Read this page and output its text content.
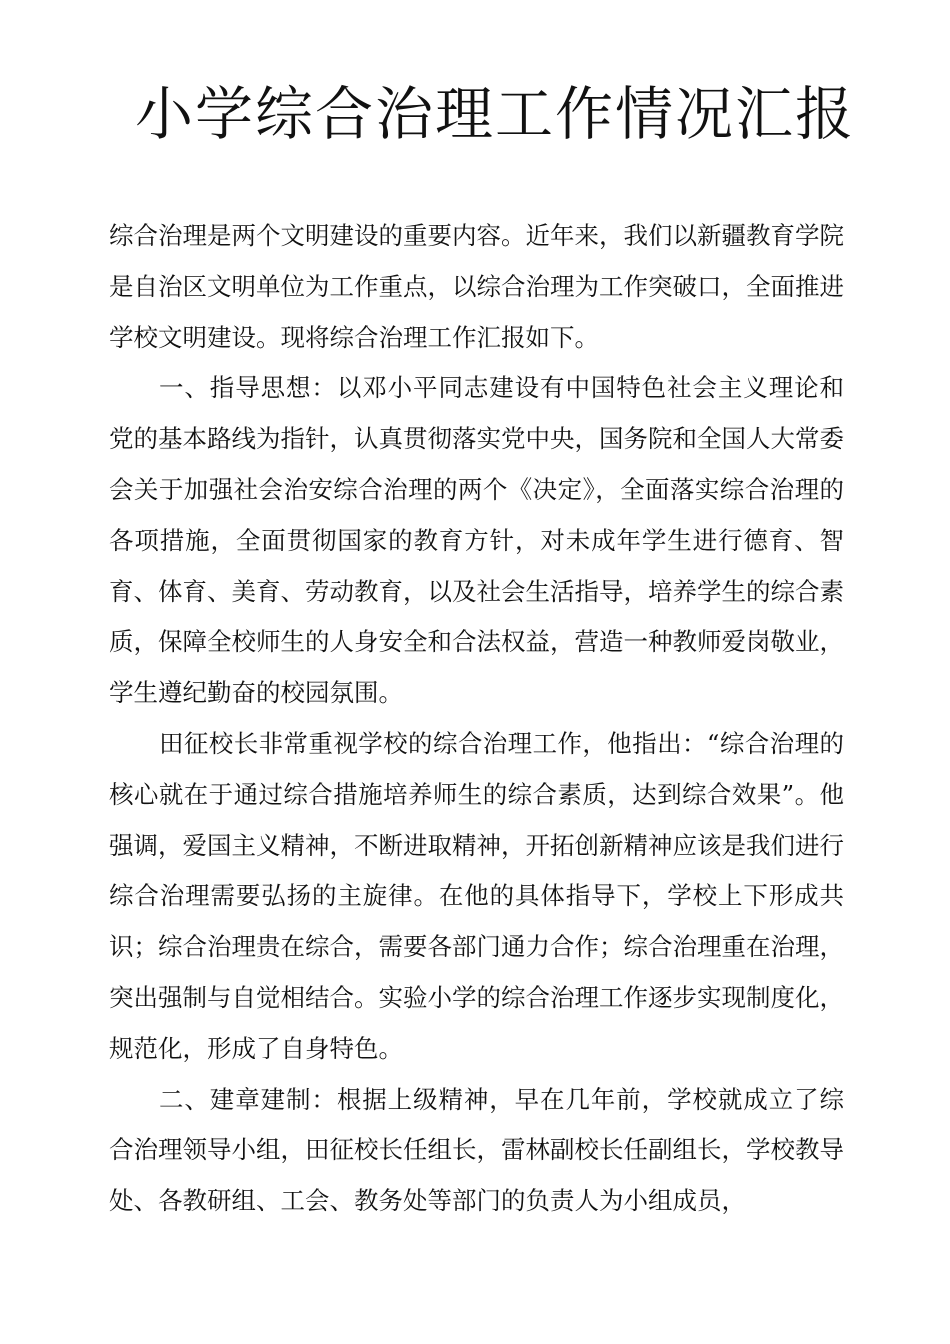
小学综合治理工作情况汇报

综合治理是两个文明建设的重要内容。近年来，我们以新疆教育学院是自治区文明单位为工作重点，以综合治理为工作突破口，全面推进学校文明建设。现将综合治理工作汇报如下。

一、指导思想：以邓小平同志建设有中国特色社会主义理论和党的基本路线为指针，认真贯彻落实党中央，国务院和全国人大常委会关于加强社会治安综合治理的两个《决定》，全面落实综合治理的各项措施，全面贯彻国家的教育方针，对未成年学生进行德育、智育、体育、美育、劳动教育，以及社会生活指导，培养学生的综合素质，保障全校师生的人身安全和合法权益，营造一种教师爱岗敬业，学生遵纪勤奋的校园氛围。

田征校长非常重视学校的综合治理工作，他指出：“综合治理的核心就在于通过综合措施培养师生的综合素质，达到综合效果”。他强调，爱国主义精神，不断进取精神，开拓创新精神应该是我们进行综合治理需要弘扬的主旋律。在他的具体指导下，学校上下形成共识；综合治理贵在综合，需要各部门通力合作；综合治理重在治理，突出强制与自觉相结合。实验小学的综合治理工作逐步实现制度化，规范化，形成了自身特色。

二、建章建制：根据上级精神，早在几年前，学校就成立了综合治理领导小组，田征校长任组长，雷林副校长任副组长，学校教导处、各教研组、工会、教务处等部门的负责人为小组成员，
